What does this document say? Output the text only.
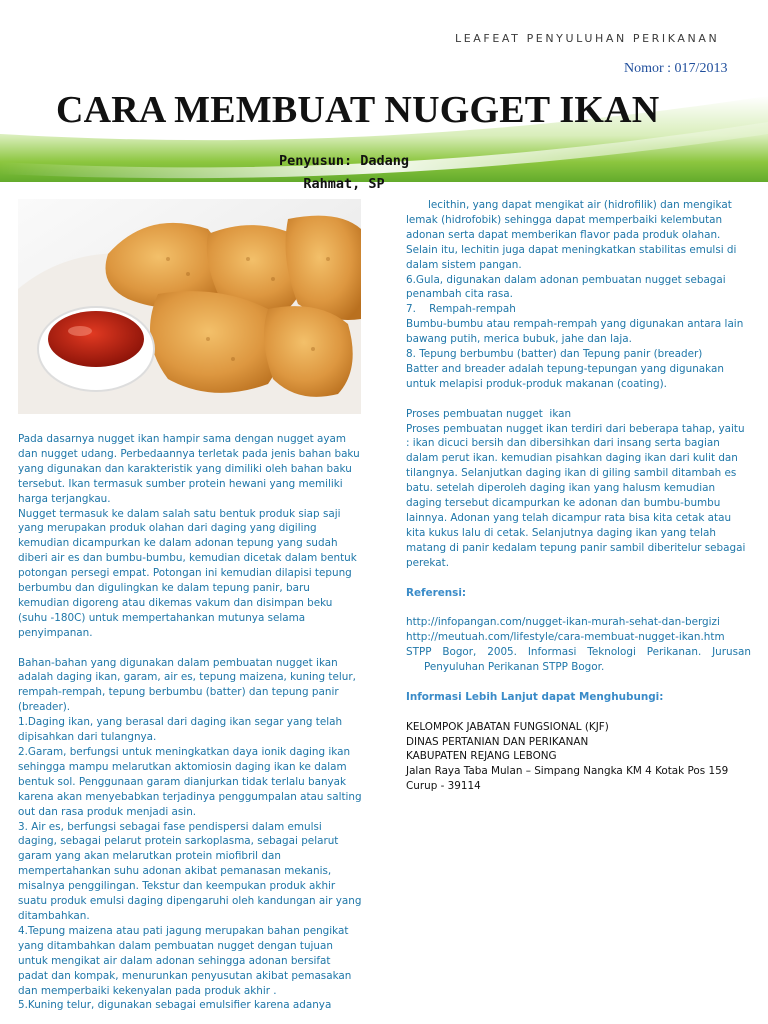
LEAFEAT PENYULUHAN PERIKANAN
Nomor : 017/2013
CARA MEMBUAT NUGGET IKAN
Penyusun: Dadang
Rahmat, SP

Pada dasarnya nugget ikan hampir sama dengan nugget ayam dan nugget udang. Perbedaannya terletak pada jenis bahan baku yang digunakan dan karakteristik yang dimiliki oleh bahan baku tersebut. Ikan termasuk sumber protein hewani yang memiliki harga terjangkau.

Nugget termasuk ke dalam salah satu bentuk produk siap saji yang merupakan produk olahan dari daging yang digiling kemudian dicampurkan ke dalam adonan tepung yang sudah diberi air es dan bumbu-bumbu, kemudian dicetak dalam bentuk potongan persegi empat. Potongan ini kemudian dilapisi tepung berbumbu dan digulingkan ke dalam tepung panir, baru kemudian digoreng atau dikemas vakum dan disimpan beku (suhu -180C) untuk mempertahankan mutunya selama penyimpanan.

Bahan-bahan yang digunakan dalam pembuatan nugget ikan adalah daging ikan, garam, air es, tepung maizena, kuning telur, rempah-rempah, tepung berbumbu (batter) dan tepung panir (breader).

1.Daging ikan, yang berasal dari daging ikan segar yang telah dipisahkan dari tulangnya.

2.Garam, berfungsi untuk meningkatkan daya ionik daging ikan sehingga mampu melarutkan aktomiosin daging ikan ke dalam bentuk sol. Penggunaan garam dianjurkan tidak terlalu banyak karena akan menyebabkan terjadinya penggumpalan atau salting out dan rasa produk menjadi asin.

3. Air es, berfungsi sebagai fase pendispersi dalam emulsi daging, sebagai pelarut protein sarkoplasma, sebagai pelarut garam yang akan melarutkan protein miofibril dan mempertahankan suhu adonan akibat pemanasan mekanis, misalnya penggilingan. Tekstur dan keempukan produk akhir suatu produk emulsi daging dipengaruhi oleh kandungan air yang ditambahkan.

4.Tepung maizena atau pati jagung merupakan bahan pengikat yang ditambahkan dalam pembuatan nugget dengan tujuan untuk mengikat air dalam adonan sehingga adonan bersifat padat dan kompak, menurunkan penyusutan akibat pemasakan dan memperbaiki kekenyalan pada produk akhir .

5.Kuning telur, digunakan sebagai emulsifier karena adanya

lecithin, yang dapat mengikat air (hidrofilik) dan mengikat lemak (hidrofobik) sehingga dapat memperbaiki kelembutan adonan serta dapat memberikan flavor pada produk olahan. Selain itu, lechitin juga dapat meningkatkan stabilitas emulsi di dalam sistem pangan.

6.Gula, digunakan dalam adonan pembuatan nugget sebagai penambah cita rasa.

7.    Rempah-rempah

Bumbu-bumbu atau rempah-rempah yang digunakan antara lain bawang putih, merica bubuk, jahe dan laja.

8. Tepung berbumbu (batter) dan Tepung panir (breader)

Batter and breader adalah tepung-tepungan yang digunakan untuk melapisi produk-produk makanan (coating).

Proses pembuatan nugget  ikan

Proses pembuatan nugget ikan terdiri dari beberapa tahap, yaitu : ikan dicuci bersih dan dibersihkan dari insang serta bagian dalam perut ikan. kemudian pisahkan daging ikan dari kulit dan tilangnya. Selanjutkan daging ikan di giling sambil ditambah es batu. setelah diperoleh daging ikan yang halusm kemudian daging tersebut dicampurkan ke adonan dan bumbu-bumbu lainnya. Adonan yang telah dicampur rata bisa kita cetak atau kita kukus lalu di cetak. Selanjutnya daging ikan yang telah matang di panir kedalam tepung panir sambil diberitelur sebagai perekat.

Referensi:

http://infopangan.com/nugget-ikan-murah-sehat-dan-bergizi

http://meutuah.com/lifestyle/cara-membuat-nugget-ikan.htm

STPP Bogor, 2005. Informasi Teknologi Perikanan. Jurusan Penyuluhan Perikanan STPP Bogor.

Informasi Lebih Lanjut dapat Menghubungi:

KELOMPOK JABATAN FUNGSIONAL (KJF)

DINAS PERTANIAN DAN PERIKANAN

KABUPATEN REJANG LEBONG

Jalan Raya Taba Mulan – Simpang Nangka KM 4 Kotak Pos 159

Curup - 39114
